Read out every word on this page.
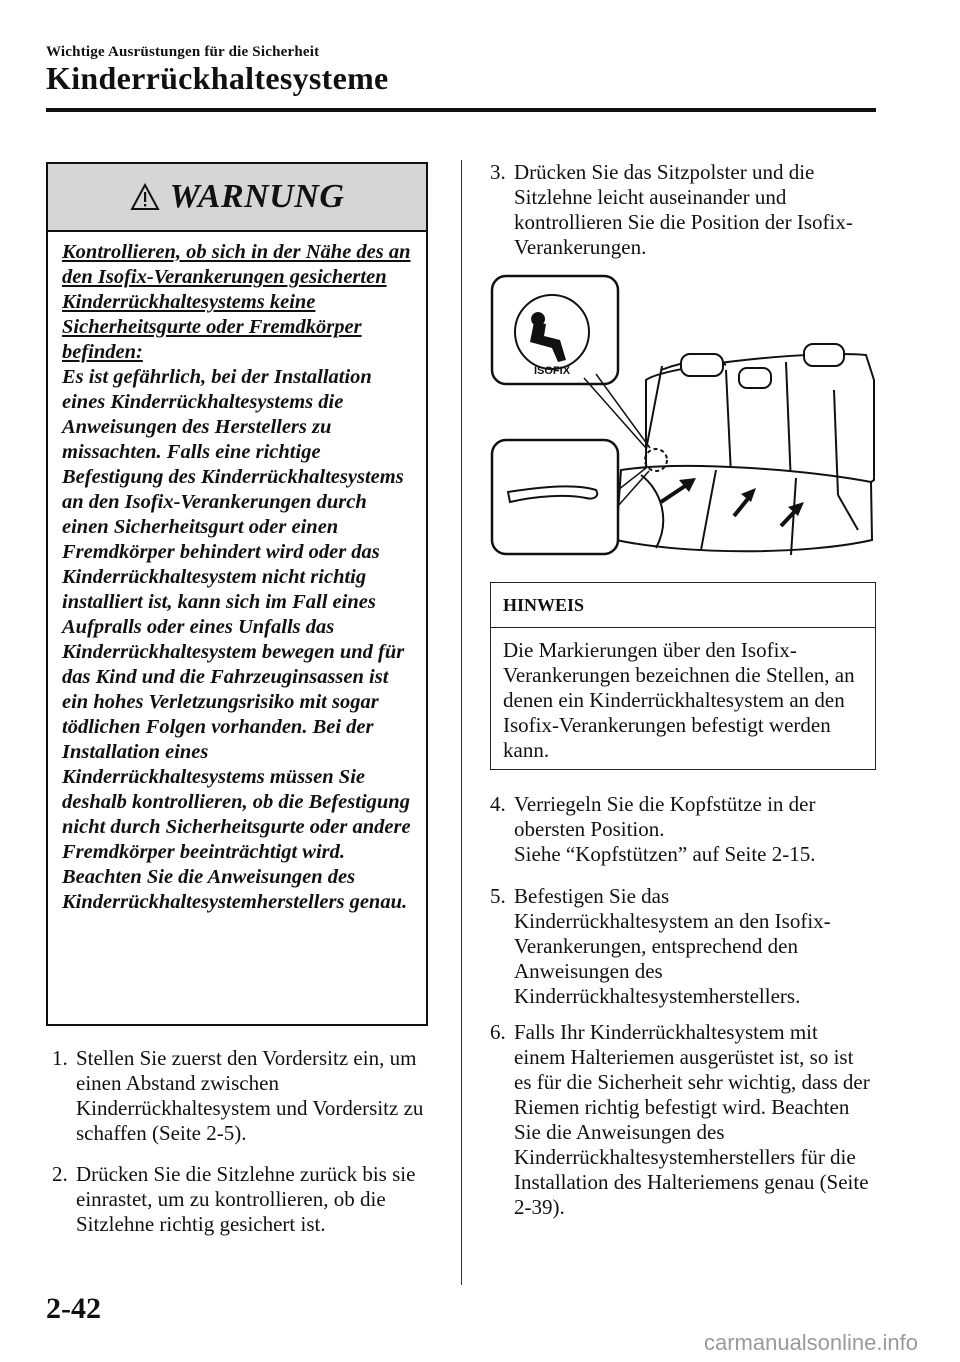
Wichtige Ausrüstungen für die Sicherheit
Kinderrückhaltesysteme
WARNUNG
Kontrollieren, ob sich in der Nähe des an den Isofix-Verankerungen gesicherten Kinderrückhaltesystems keine Sicherheitsgurte oder Fremdkörper befinden:
Es ist gefährlich, bei der Installation eines Kinderrückhaltesystems die Anweisungen des Herstellers zu missachten. Falls eine richtige Befestigung des Kinderrückhaltesystems an den Isofix-Verankerungen durch einen Sicherheitsgurt oder einen Fremdkörper behindert wird oder das Kinderrückhaltesystem nicht richtig installiert ist, kann sich im Fall eines Aufpralls oder eines Unfalls das Kinderrückhaltesystem bewegen und für das Kind und die Fahrzeuginsassen ist ein hohes Verletzungsrisiko mit sogar tödlichen Folgen vorhanden. Bei der Installation eines Kinderrückhaltesystems müssen Sie deshalb kontrollieren, ob die Befestigung nicht durch Sicherheitsgurte oder andere Fremdkörper beeinträchtigt wird. Beachten Sie die Anweisungen des Kinderrückhaltesystemherstellers genau.
1. Stellen Sie zuerst den Vordersitz ein, um einen Abstand zwischen Kinderrückhaltesystem und Vordersitz zu schaffen (Seite 2-5).
2. Drücken Sie die Sitzlehne zurück bis sie einrastet, um zu kontrollieren, ob die Sitzlehne richtig gesichert ist.
3. Drücken Sie das Sitzpolster und die Sitzlehne leicht auseinander und kontrollieren Sie die Position der Isofix-Verankerungen.
ISOFIX
HINWEIS
Die Markierungen über den Isofix-Verankerungen bezeichnen die Stellen, an denen ein Kinderrückhaltesystem an den Isofix-Verankerungen befestigt werden kann.
4. Verriegeln Sie die Kopfstütze in der obersten Position.
Siehe “Kopfstützen” auf Seite 2-15.
5. Befestigen Sie das Kinderrückhaltesystem an den Isofix-Verankerungen, entsprechend den Anweisungen des Kinderrückhaltesystemherstellers.
6. Falls Ihr Kinderrückhaltesystem mit einem Halteriemen ausgerüstet ist, so ist es für die Sicherheit sehr wichtig, dass der Riemen richtig befestigt wird. Beachten Sie die Anweisungen des Kinderrückhaltesystemherstellers für die Installation des Halteriemens genau (Seite 2-39).
2-42
carmanualsonline.info
